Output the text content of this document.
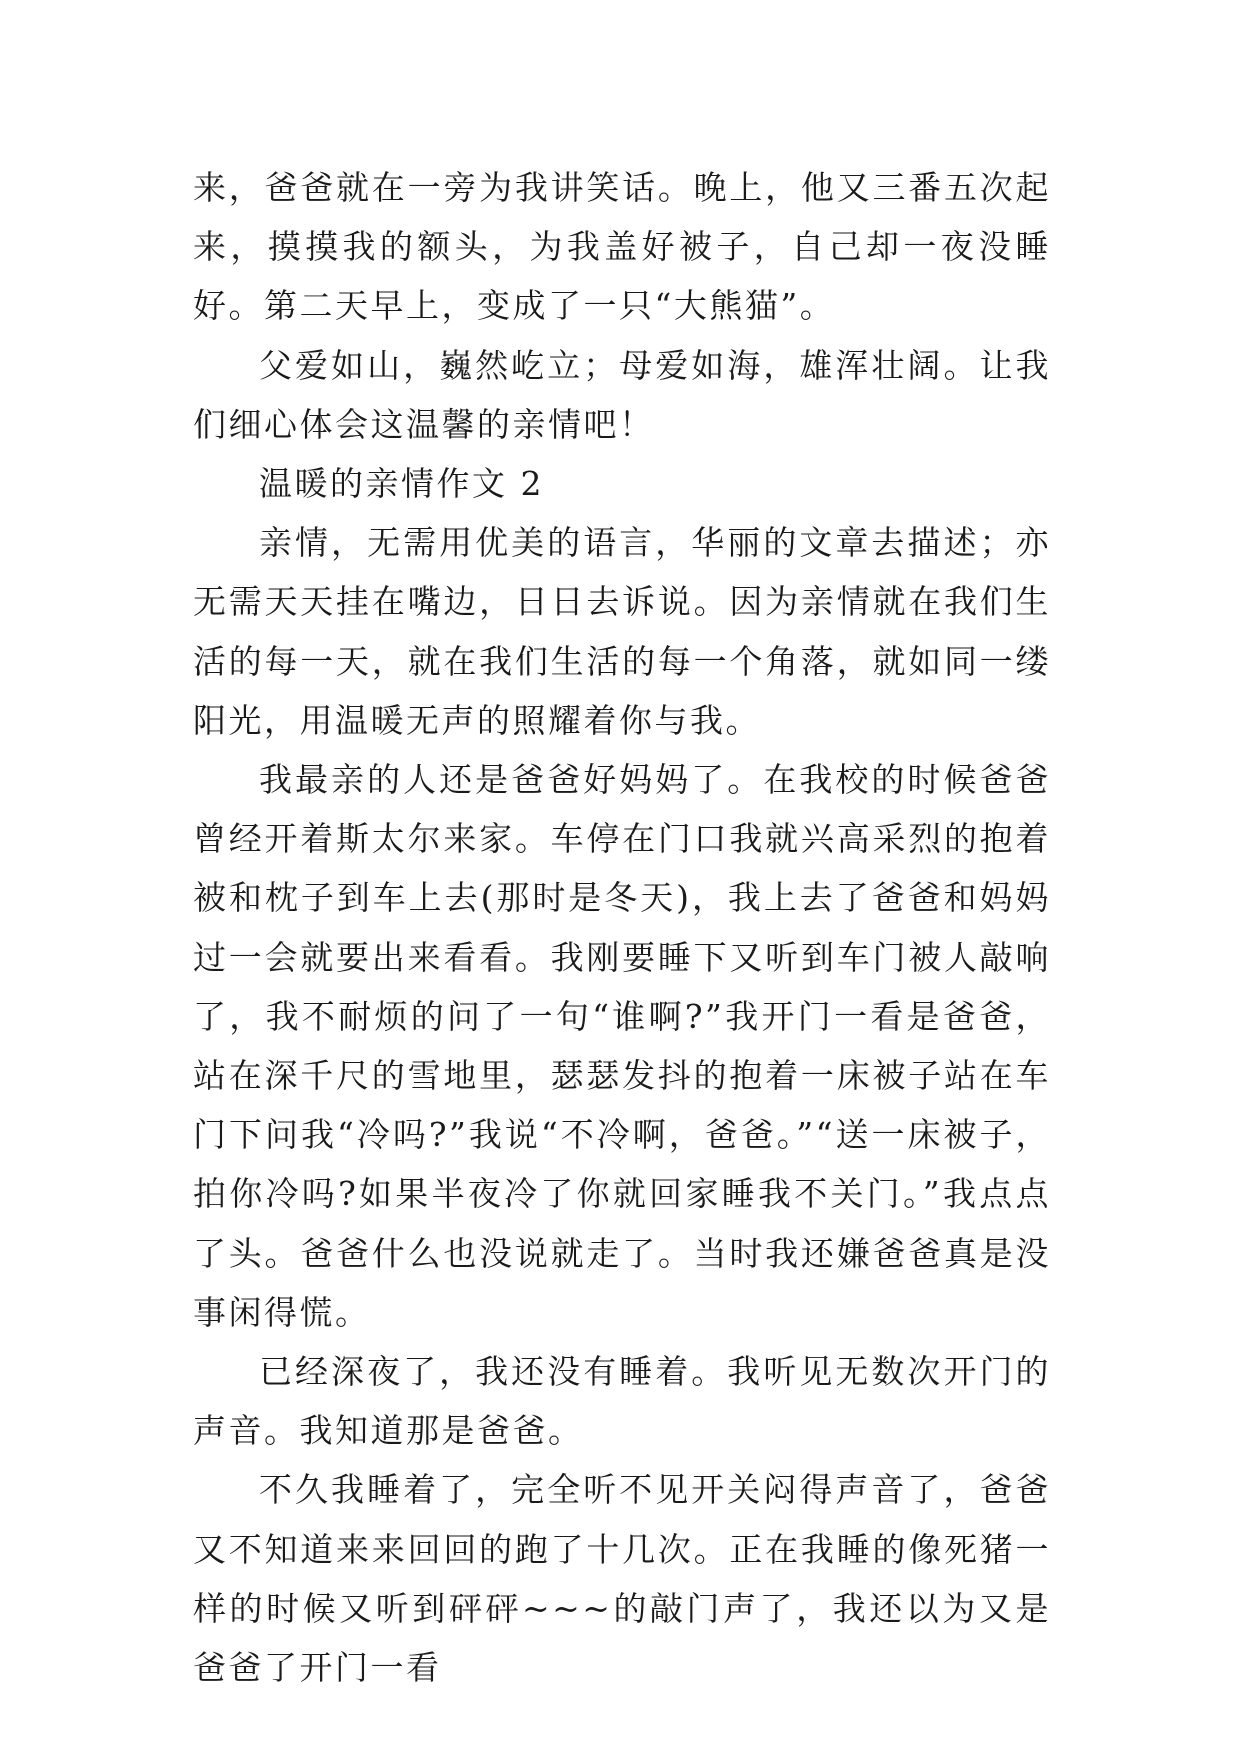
来，爸爸就在一旁为我讲笑话。晚上，他又三番五次起来，摸摸我的额头，为我盖好被子，自己却一夜没睡好。第二天早上，变成了一只“大熊猫”。

父爱如山，巍然屹立；母爱如海，雄浑壮阔。让我们细心体会这温馨的亲情吧！

温暖的亲情作文 2

亲情，无需用优美的语言，华丽的文章去描述；亦无需天天挂在嘴边，日日去诉说。因为亲情就在我们生活的每一天，就在我们生活的每一个角落，就如同一缕阳光，用温暖无声的照耀着你与我。

我最亲的人还是爸爸好妈妈了。在我校的时候爸爸曾经开着斯太尔来家。车停在门口我就兴高采烈的抱着被和枕子到车上去(那时是冬天)，我上去了爸爸和妈妈过一会就要出来看看。我刚要睡下又听到车门被人敲响了，我不耐烦的问了一句“谁啊?”我开门一看是爸爸，站在深千尺的雪地里，瑟瑟发抖的抱着一床被子站在车门下问我“冷吗?”我说“不冷啊，爸爸。”“送一床被子，拍你冷吗?如果半夜冷了你就回家睡我不关门。”我点点了头。爸爸什么也没说就走了。当时我还嫌爸爸真是没事闲得慌。

已经深夜了，我还没有睡着。我听见无数次开门的声音。我知道那是爸爸。

不久我睡着了，完全听不见开关闷得声音了，爸爸又不知道来来回回的跑了十几次。正在我睡的像死猪一样的时候又听到砰砰~~~的敲门声了，我还以为又是爸爸了开门一看
